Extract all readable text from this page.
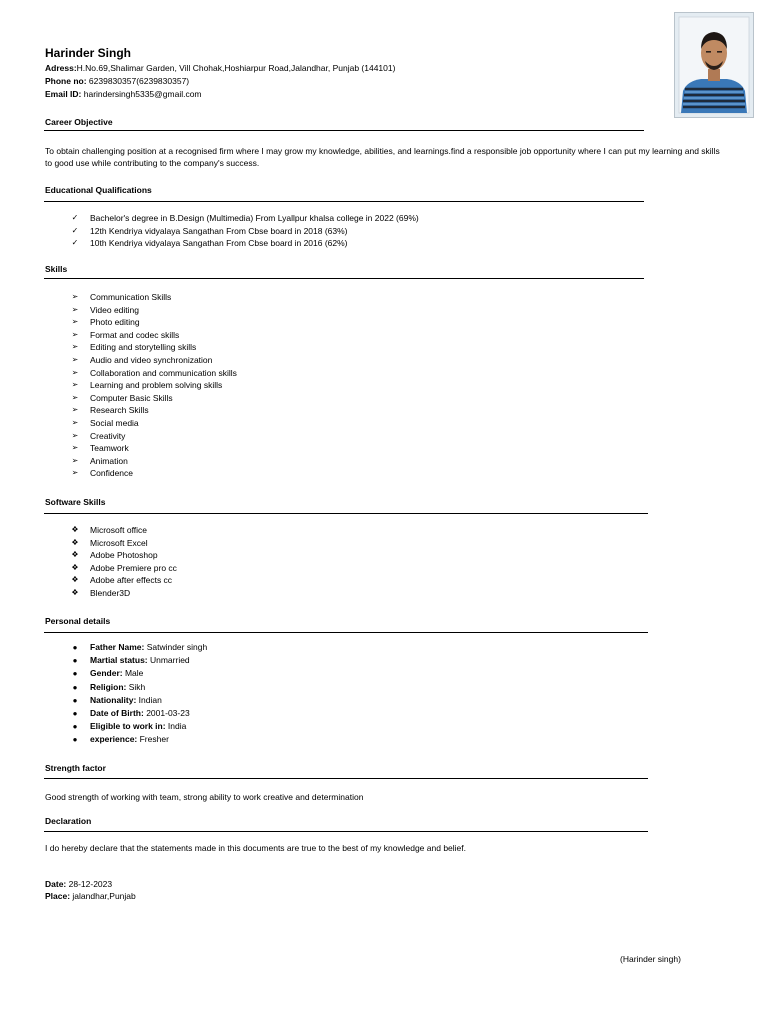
Harinder Singh
Adress:H.No.69,Shalimar Garden, Vill Chohak,Hoshiarpur Road,Jalandhar, Punjab (144101)
Phone no: 6239830357(6239830357)
Email ID: harindersingh5335@gmail.com
Career Objective
To obtain challenging position at a recognised firm where I may grow my knowledge, abilities, and learnings.find a responsible job opportunity where I can put my learning and skills to good use while contributing to the company's success.
Educational Qualifications
✓	Bachelor's degree in B.Design (Multimedia) From Lyallpur khalsa college in 2022 (69%)
✓	12th Kendriya vidyalaya Sangathan From Cbse board in 2018 (63%)
✓	10th Kendriya vidyalaya Sangathan From Cbse board in 2016 (62%)
Skills
➢	Communication Skills
➢	Video editing
➢	Photo editing
➢	Format and codec skills
➢	Editing and storytelling skills
➢	Audio and video synchronization
➢	Collaboration and communication skills
➢	Learning and problem solving skills
➢	Computer Basic Skills
➢	Research Skills
➢	Social media
➢	Creativity
➢	Teamwork
➢	Animation
➢	Confidence
Software Skills
❖	Microsoft office
❖	Microsoft Excel
❖	Adobe Photoshop
❖	Adobe Premiere pro cc
❖	Adobe after effects cc
❖	Blender3D
Personal details
●	Father Name: Satwinder singh
●	Martial status: Unmarried
●	Gender: Male
●	Religion: Sikh
●	Nationality: Indian
●	Date of Birth: 2001-03-23
●	Eligible to work in: India
●	experience: Fresher
Strength factor
Good strength of working with team, strong ability to work creative and determination
Declaration
I do hereby declare that the statements made in this documents are true to the best of my knowledge and belief.
Date: 28-12-2023
Place: jalandhar,Punjab
(Harinder singh)
